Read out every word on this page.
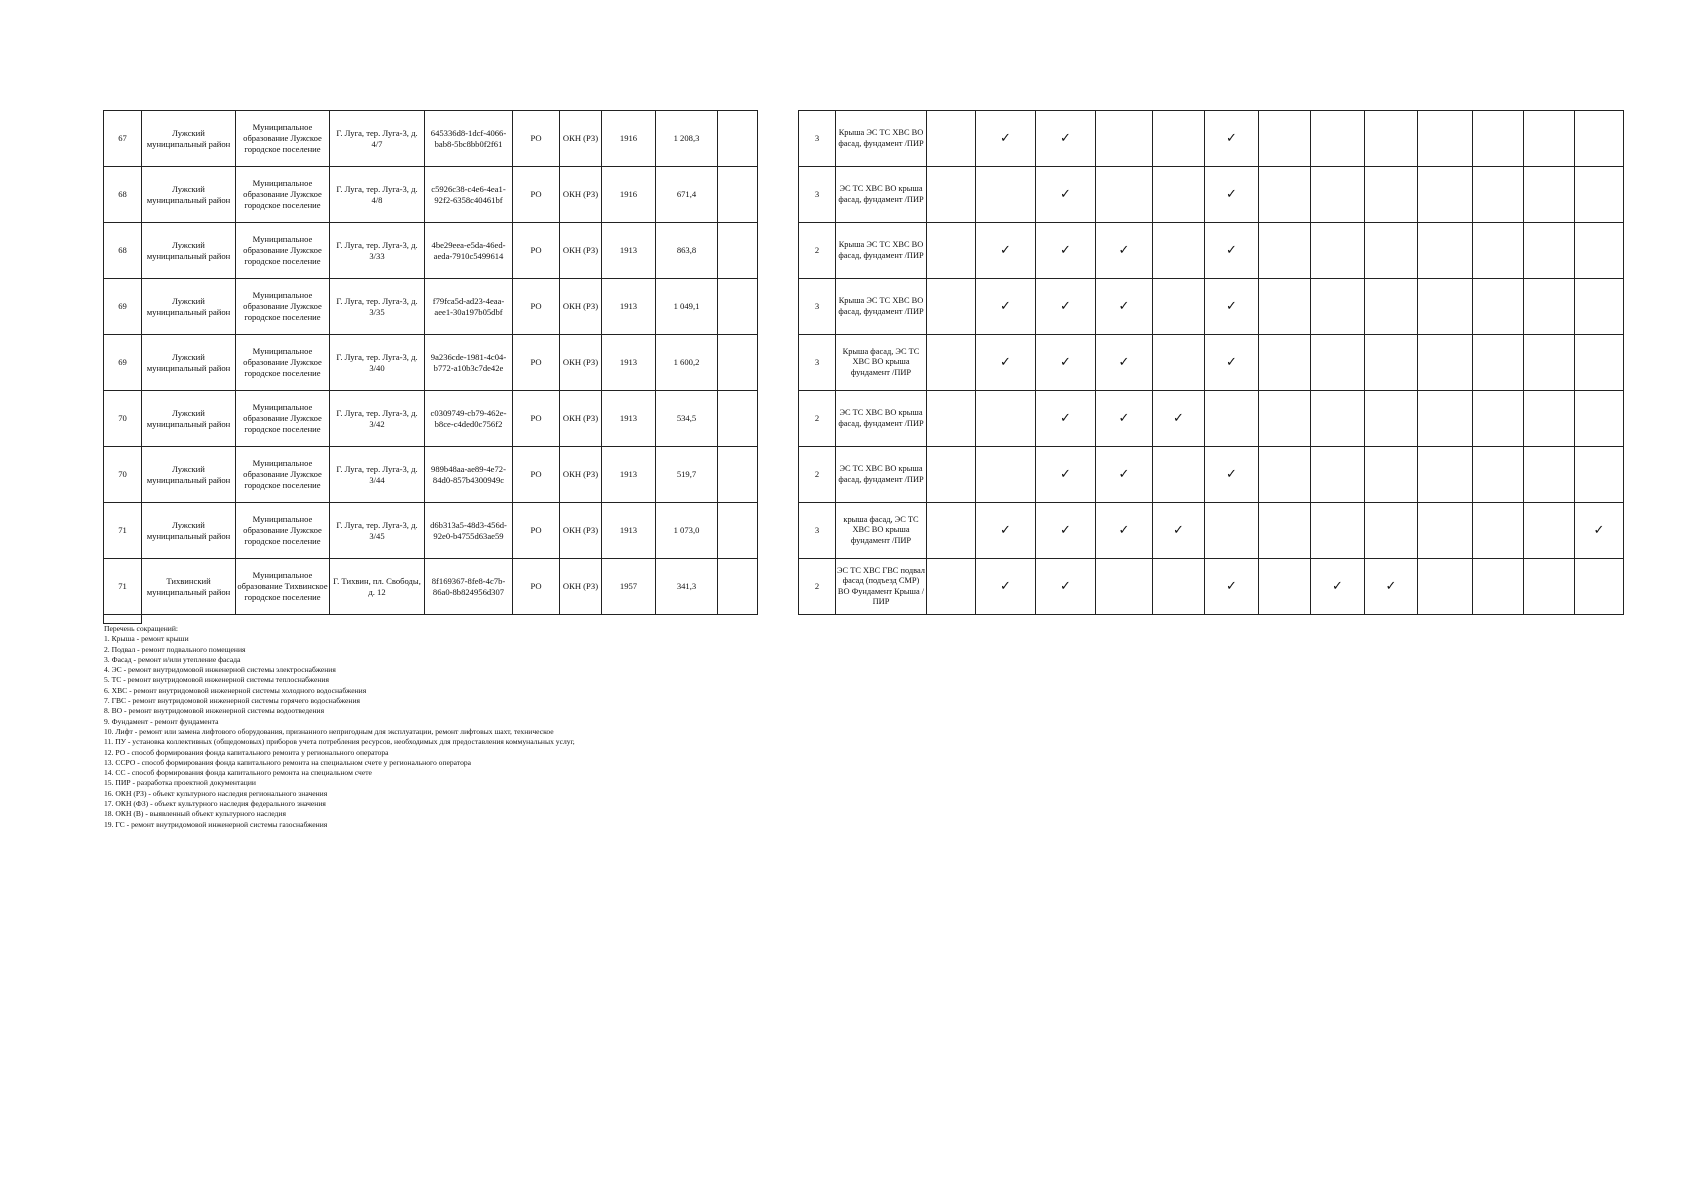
67	Лужский муниципальный район	Муниципальное образование Лужское городское поселение	Г. Луга, тер. Луга-3, д. 4/7	645336d8-1dcf-4066-bab8-5bc8bb0f2f61	РО	ОКН (РЗ)	1916	1 208,3			3	Крыша ЭС ТС ХВС ВО фасад, фундамент /ПИР		✓	✓			✓							
68	Лужский муниципальный район	Муниципальное образование Лужское городское поселение	Г. Луга, тер. Луга-3, д. 4/8	c5926c38-c4e6-4ea1-92f2-6358c40461bf	РО	ОКН (РЗ)	1916	671,4			3	ЭС ТС ХВС ВО крыша фасад, фундамент /ПИР			✓			✓							
68	Лужский муниципальный район	Муниципальное образование Лужское городское поселение	Г. Луга, тер. Луга-3, д. 3/33	4be29eea-e5da-46ed-aeda-7910c5499614	РО	ОКН (РЗ)	1913	863,8			2	Крыша ЭС ТС ХВС ВО фасад, фундамент /ПИР		✓	✓	✓		✓							
69	Лужский муниципальный район	Муниципальное образование Лужское городское поселение	Г. Луга, тер. Луга-3, д. 3/35	f79fca5d-ad23-4eaa-aee1-30a197b05dbf	РО	ОКН (РЗ)	1913	1 049,1			3	Крыша ЭС ТС ХВС ВО фасад, фундамент /ПИР		✓	✓	✓		✓							
69	Лужский муниципальный район	Муниципальное образование Лужское городское поселение	Г. Луга, тер. Луга-3, д. 3/40	9a236cde-1981-4c04-b772-a10b3c7de42e	РО	ОКН (РЗ)	1913	1 600,2			3	Крыша фасад, ЭС ТС ХВС ВО крыша фундамент /ПИР		✓	✓	✓		✓							
70	Лужский муниципальный район	Муниципальное образование Лужское городское поселение	Г. Луга, тер. Луга-3, д. 3/42	c0309749-cb79-462e-b8ce-c4ded0c756f2	РО	ОКН (РЗ)	1913	534,5			2	ЭС ТС ХВС ВО крыша фасад, фундамент /ПИР			✓	✓	✓								
70	Лужский муниципальный район	Муниципальное образование Лужское городское поселение	Г. Луга, тер. Луга-3, д. 3/44	989b48aa-ae89-4e72-84d0-857b4300949c	РО	ОКН (РЗ)	1913	519,7			2	ЭС ТС ХВС ВО крыша фасад, фундамент /ПИР			✓	✓		✓							
71	Лужский муниципальный район	Муниципальное образование Лужское городское поселение	Г. Луга, тер. Луга-3, д. 3/45	d6b313a5-48d3-456d-92e0-b4755d63ae59	РО	ОКН (РЗ)	1913	1 073,0			3	крыша фасад, ЭС ТС ХВС ВО крыша фундамент /ПИР		✓	✓	✓	✓								✓
71	Тихвинский муниципальный район	Муниципальное образование Тихвинское городское поселение	Г. Тихвин, пл. Свободы, д. 12	8f169367-8fe8-4c7b-86a0-8b824956d307	РО	ОКН (РЗ)	1957	341,3			2	ЭС ТС ХВС ГВС подвал фасад (подъезд СМР) ВО Фундамент Крыша /ПИР		✓	✓			✓		✓	✓				
Перечень сокращений:
1. Крыша - ремонт крыши
2. Подвал - ремонт подвального помещения
3. Фасад - ремонт и/или утепление фасада
4. ЭС - ремонт внутридомовой инженерной системы электроснабжения
5. ТС - ремонт внутридомовой инженерной системы теплоснабжения
6. ХВС - ремонт внутридомовой инженерной системы холодного водоснабжения
7. ГВС - ремонт внутридомовой инженерной системы горячего водоснабжения
8. ВО - ремонт внутридомовой инженерной системы водоотведения
9. Фундамент - ремонт фундамента
10. Лифт - ремонт или замена лифтового оборудования, признанного непригодным для эксплуатации, ремонт лифтовых шахт, техническое
11. ПУ - установка коллективных (общедомовых) приборов учета потребления ресурсов, необходимых для предоставления коммунальных услуг,
12. РО - способ формирования фонда капитального ремонта у регионального оператора
13. ССРО - способ формирования фонда капитального ремонта на специальном счете у регионального оператора
14. СС - способ формирования фонда капитального ремонта на специальном счете
15. ПИР - разработка проектной документации
16. ОКН (РЗ) - объект культурного наследия регионального значения
17. ОКН (ФЗ) - объект культурного наследия федерального значения
18. ОКН (В) - выявленный объект культурного наследия
19. ГС - ремонт внутридомовой инженерной системы газоснабжения
